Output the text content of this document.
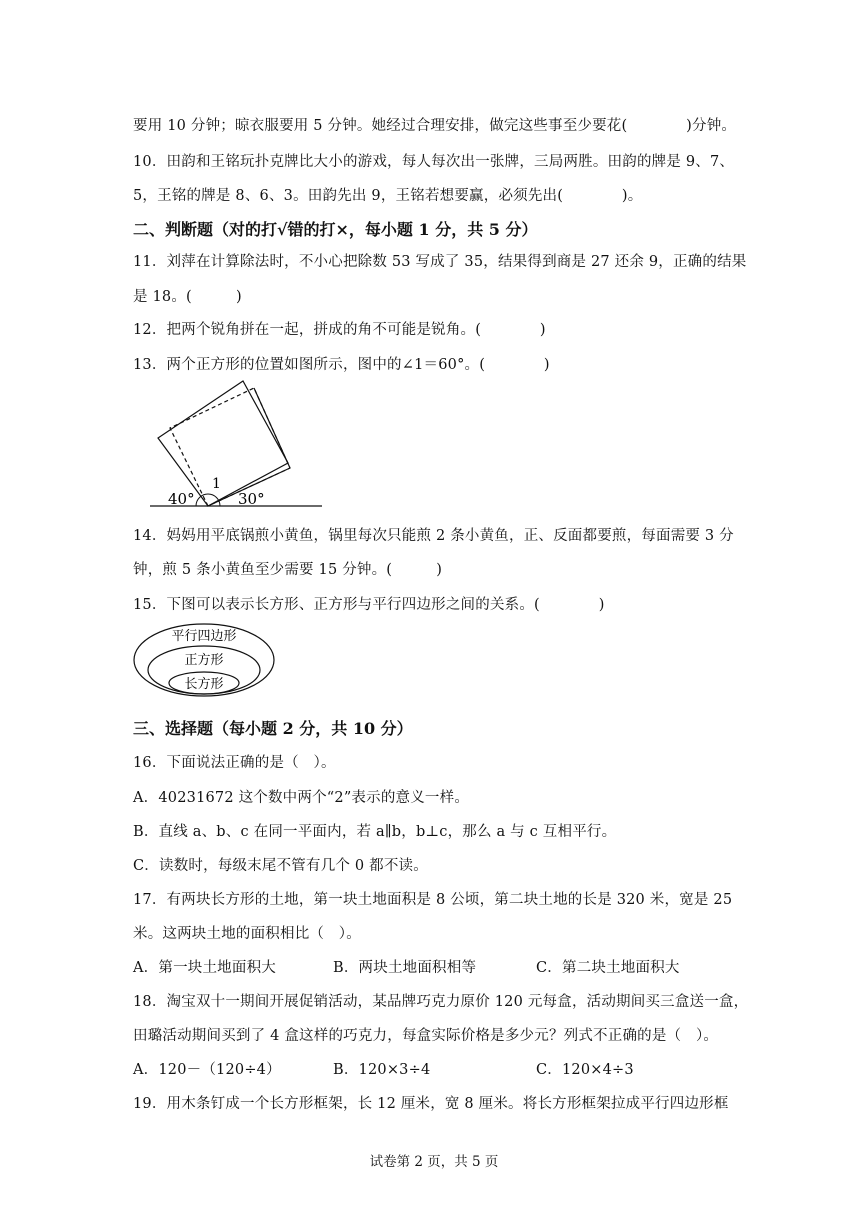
要用 10 分钟；晾衣服要用 5 分钟。她经过合理安排，做完这些事至少要花(　　　　)分钟。
10．田韵和王铭玩扑克牌比大小的游戏，每人每次出一张牌，三局两胜。田韵的牌是 9、7、
5，王铭的牌是 8、6、3。田韵先出 9，王铭若想要赢，必须先出(　　　　)。
二、判断题（对的打√错的打×，每小题 1 分，共 5 分）
11．刘萍在计算除法时，不小心把除数 53 写成了 35，结果得到商是 27 还余 9，正确的结果
是 18。(　　　)
12．把两个锐角拼在一起，拼成的角不可能是锐角。(　　　　)
13．两个正方形的位置如图所示，图中的∠1＝60°。(　　　　)
40°
1
30°
14．妈妈用平底锅煎小黄鱼，锅里每次只能煎 2 条小黄鱼，正、反面都要煎，每面需要 3 分
钟，煎 5 条小黄鱼至少需要 15 分钟。(　　　)
15．下图可以表示长方形、正方形与平行四边形之间的关系。(　　　　)
平行四边形
正方形
长方形
三、选择题（每小题 2 分，共 10 分）
16．下面说法正确的是（　）。
A．40231672 这个数中两个“2”表示的意义一样。
B．直线 a、b、c 在同一平面内，若 a∥b，b⊥c，那么 a 与 c 互相平行。
C．读数时，每级末尾不管有几个 0 都不读。
17．有两块长方形的土地，第一块土地面积是 8 公顷，第二块土地的长是 320 米，宽是 25
米。这两块土地的面积相比（　）。
A．第一块土地面积大	B．两块土地面积相等	C．第二块土地面积大
18．淘宝双十一期间开展促销活动，某品牌巧克力原价 120 元每盒，活动期间买三盒送一盒，
田璐活动期间买到了 4 盒这样的巧克力，每盒实际价格是多少元？列式不正确的是（　）。
A．120－（120÷4）	B．120×3÷4	C．120×4÷3
19．用木条钉成一个长方形框架，长 12 厘米，宽 8 厘米。将长方形框架拉成平行四边形框
试卷第 2 页，共 5 页
